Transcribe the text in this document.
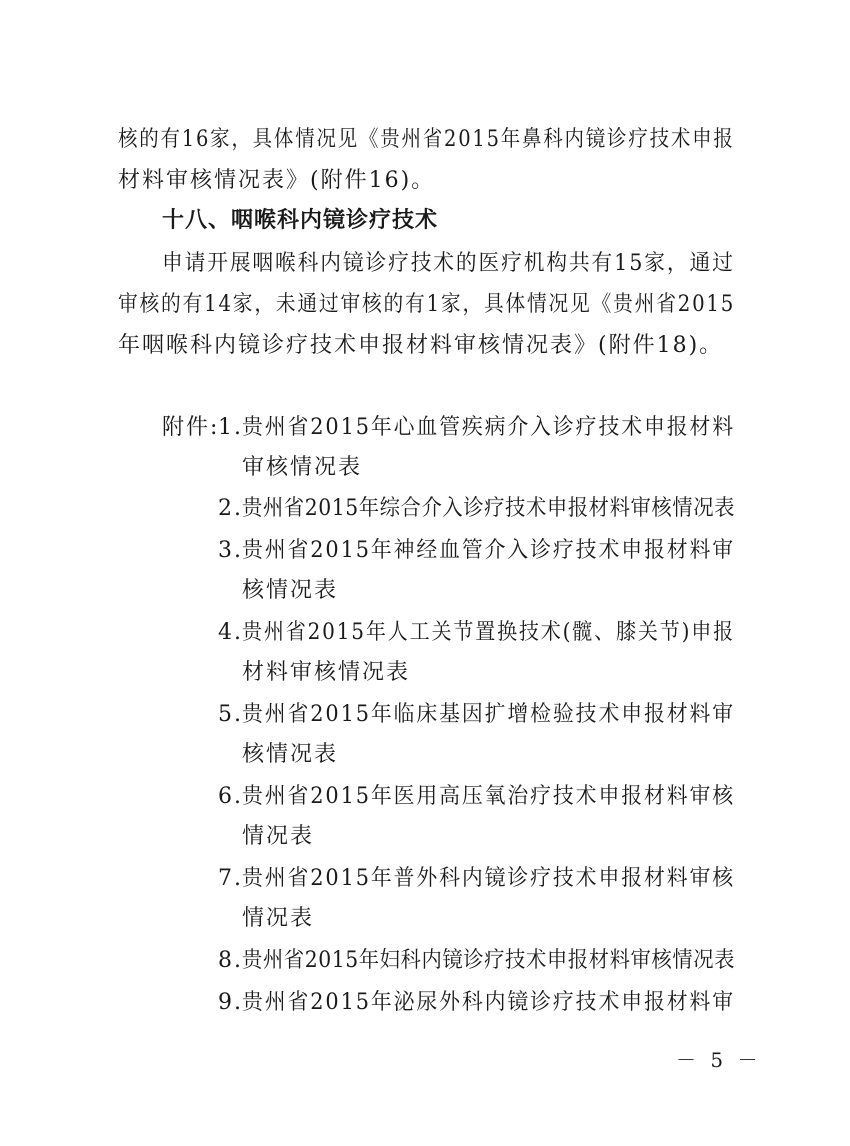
核的有16家，具体情况见《贵州省2015年鼻科内镜诊疗技术申报
材料审核情况表》(附件16)。
十八、咽喉科内镜诊疗技术
申请开展咽喉科内镜诊疗技术的医疗机构共有15家，通过
审核的有14家，未通过审核的有1家，具体情况见《贵州省2015
年咽喉科内镜诊疗技术申报材料审核情况表》(附件18)。
附件:
1. 贵州省2015年心血管疾病介入诊疗技术申报材料
审核情况表
2. 贵州省2015年综合介入诊疗技术申报材料审核情况表
3. 贵州省2015年神经血管介入诊疗技术申报材料审
核情况表
4. 贵州省2015年人工关节置换技术(髋、膝关节)申报
材料审核情况表
5. 贵州省2015年临床基因扩增检验技术申报材料审
核情况表
6. 贵州省2015年医用高压氧治疗技术申报材料审核
情况表
7. 贵州省2015年普外科内镜诊疗技术申报材料审核
情况表
8. 贵州省2015年妇科内镜诊疗技术申报材料审核情况表
9. 贵州省2015年泌尿外科内镜诊疗技术申报材料审
－ 5 －
